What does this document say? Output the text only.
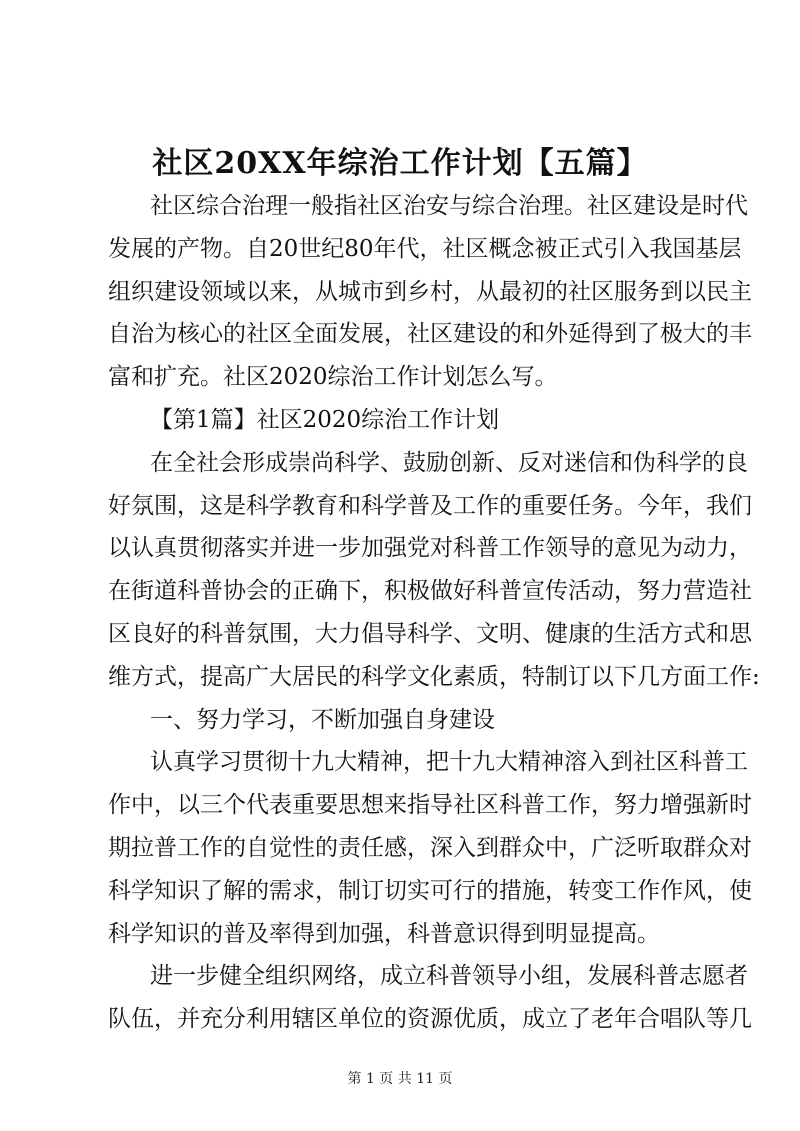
社区20XX年综治工作计划【五篇】
社区综合治理一般指社区治安与综合治理。社区建设是时代
发展的产物。自20世纪80年代，社区概念被正式引入我国基层
组织建设领域以来，从城市到乡村，从最初的社区服务到以民主
自治为核心的社区全面发展，社区建设的和外延得到了极大的丰
富和扩充。社区2020综治工作计划怎么写。
【第1篇】社区2020综治工作计划
在全社会形成崇尚科学、鼓励创新、反对迷信和伪科学的良
好氛围，这是科学教育和科学普及工作的重要任务。今年，我们
以认真贯彻落实并进一步加强党对科普工作领导的意见为动力，
在街道科普协会的正确下，积极做好科普宣传活动，努力营造社
区良好的科普氛围，大力倡导科学、文明、健康的生活方式和思
维方式，提高广大居民的科学文化素质，特制订以下几方面工作:
一、努力学习，不断加强自身建设
认真学习贯彻十九大精神，把十九大精神溶入到社区科普工
作中，以三个代表重要思想来指导社区科普工作，努力增强新时
期拉普工作的自觉性的责任感，深入到群众中，广泛听取群众对
科学知识了解的需求，制订切实可行的措施，转变工作作风，使
科学知识的普及率得到加强，科普意识得到明显提高。
进一步健全组织网络，成立科普领导小组，发展科普志愿者
队伍，并充分利用辖区单位的资源优质，成立了老年合唱队等几
第 1 页 共 11 页
